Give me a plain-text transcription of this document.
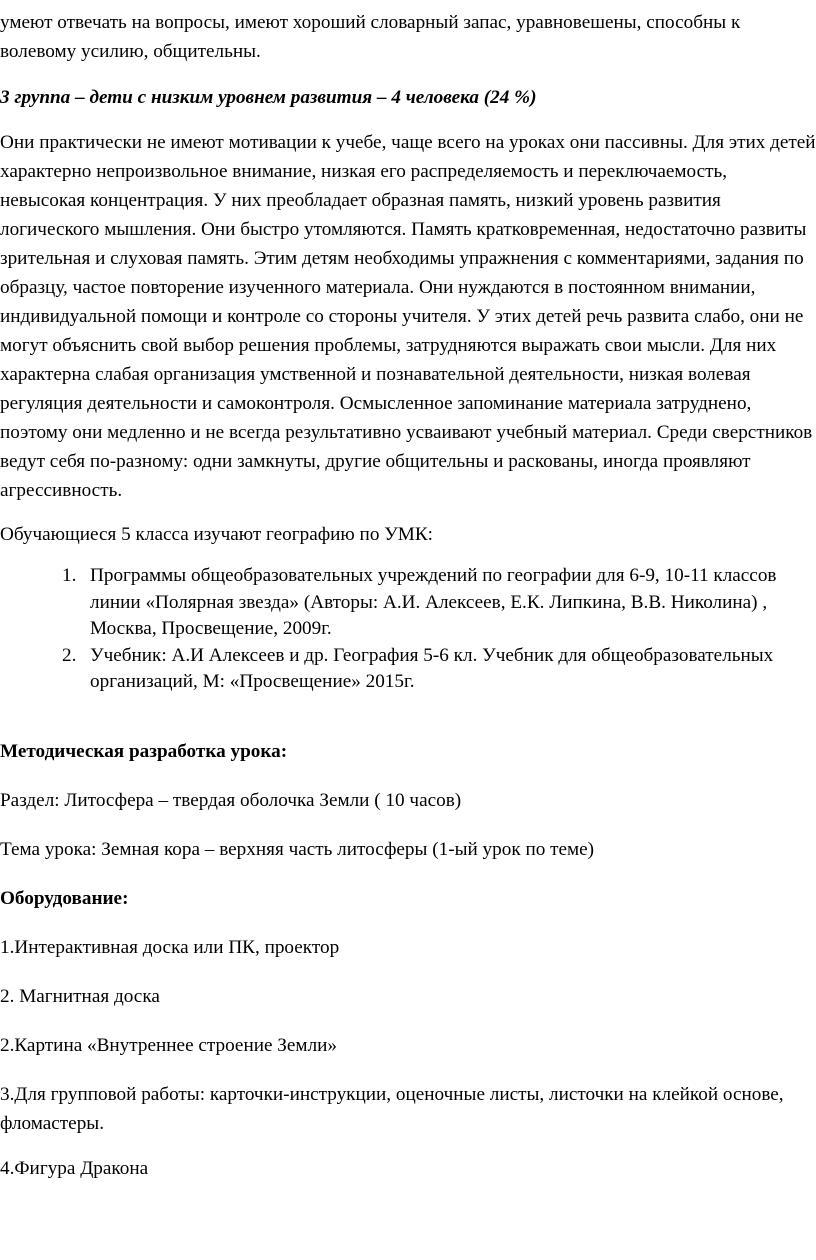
умеют отвечать на вопросы, имеют хороший словарный запас, уравновешены, способны к волевому усилию, общительны.

3 группа – дети с низким уровнем развития – 4 человека (24 %)

Они практически не имеют мотивации к учебе, чаще всего на уроках они пассивны. Для этих детей характерно непроизвольное внимание, низкая его распределяемость и переключаемость, невысокая концентрация. У них преобладает образная память, низкий уровень развития логического мышления. Они быстро утомляются. Память кратковременная, недостаточно развиты зрительная и слуховая память. Этим детям необходимы упражнения с комментариями, задания по образцу, частое повторение изученного материала. Они нуждаются в постоянном внимании, индивидуальной помощи и контроле со стороны учителя. У этих детей речь развита слабо, они не могут объяснить свой выбор решения проблемы, затрудняются выражать свои мысли. Для них характерна слабая организация умственной и познавательной деятельности, низкая волевая регуляция деятельности и самоконтроля. Осмысленное запоминание материала затруднено, поэтому они медленно и не всегда результативно усваивают учебный материал. Среди сверстников ведут себя по-разному: одни замкнуты, другие общительны и раскованы, иногда проявляют агрессивность.

Обучающиеся 5 класса изучают географию по УМК:

1. Программы общеобразовательных учреждений по географии для 6-9, 10-11 классов линии «Полярная звезда» (Авторы: А.И. Алексеев, Е.К. Липкина, В.В. Николина) , Москва, Просвещение, 2009г.
2. Учебник: А.И Алексеев и др. География 5-6 кл. Учебник для общеобразовательных организаций, М: «Просвещение» 2015г.

Методическая разработка урока:

Раздел: Литосфера – твердая оболочка Земли ( 10 часов)

Тема урока: Земная кора – верхняя часть литосферы (1-ый урок по теме)

Оборудование:

1.Интерактивная доска или ПК, проектор

2. Магнитная доска

2.Картина «Внутреннее строение Земли»

3.Для групповой работы: карточки-инструкции, оценочные листы, листочки на клейкой основе, фломастеры.

4.Фигура Дракона
